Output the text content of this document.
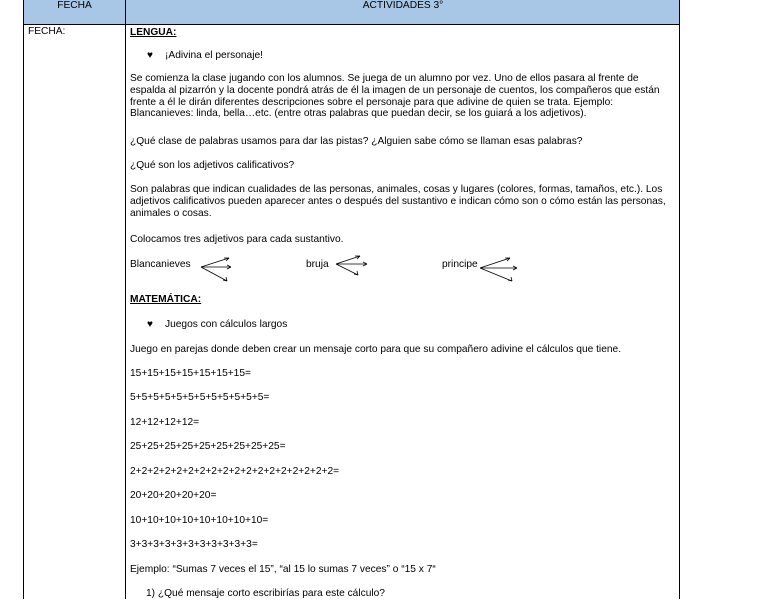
FECHA	ACTIVIDADES 3°
FECHA:	LENGUA:

♥ ¡Adivina el personaje!

Se comienza la clase jugando con los alumnos. Se juega de un alumno por vez. Uno de ellos pasara al frente de espalda al pizarrón y la docente pondrá atrás de él la imagen de un personaje de cuentos, los compañeros que están frente a él le dirán diferentes descripciones sobre el personaje para que adivine de quien se trata. Ejemplo: Blancanieves: linda, bella…etc. (entre otras palabras que puedan decir, se los guiará a los adjetivos).

¿Qué clase de palabras usamos para dar las pistas? ¿Alguien sabe cómo se llaman esas palabras?

¿Qué son los adjetivos calificativos?

Son palabras que indican cualidades de las personas, animales, cosas y lugares (colores, formas, tamaños, etc.). Los adjetivos calificativos pueden aparecer antes o después del sustantivo e indican cómo son o cómo están las personas, animales o cosas.

Colocamos tres adjetivos para cada sustantivo.

Blancanieves	bruja	principe

MATEMÁTICA:

♥ Juegos con cálculos largos

Juego en parejas donde deben crear un mensaje corto para que su compañero adivine el cálculos que tiene.

15+15+15+15+15+15+15=

5+5+5+5+5+5+5+5+5+5+5+5=

12+12+12+12=

25+25+25+25+25+25+25+25+25=

2+2+2+2+2+2+2+2+2+2+2+2+2+2+2+2+2+2=

20+20+20+20+20=

10+10+10+10+10+10+10+10=

3+3+3+3+3+3+3+3+3+3+3=

Ejemplo: “Sumas 7 veces el 15”, “al 15 lo sumas 7 veces” o “15 x 7“

1) ¿Qué mensaje corto escribirías para este cálculo?
